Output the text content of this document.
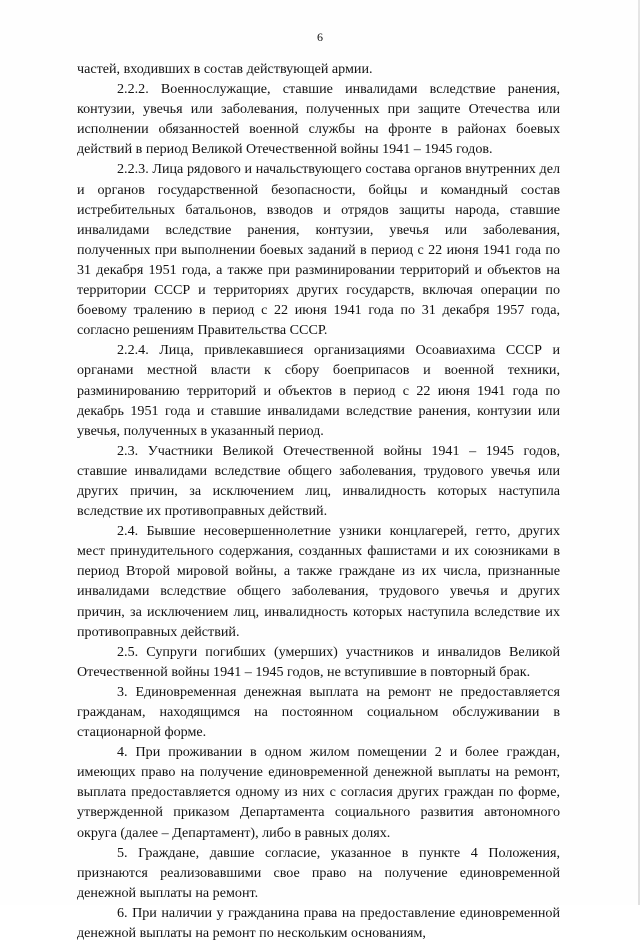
6

частей, входивших в состав действующей армии.

2.2.2. Военнослужащие, ставшие инвалидами вследствие ранения, контузии, увечья или заболевания, полученных при защите Отечества или исполнении обязанностей военной службы на фронте в районах боевых действий в период Великой Отечественной войны 1941 – 1945 годов.

2.2.3. Лица рядового и начальствующего состава органов внутренних дел и органов государственной безопасности, бойцы и командный состав истребительных батальонов, взводов и отрядов защиты народа, ставшие инвалидами вследствие ранения, контузии, увечья или заболевания, полученных при выполнении боевых заданий в период с 22 июня 1941 года по 31 декабря 1951 года, а также при разминировании территорий и объектов на территории СССР и территориях других государств, включая операции по боевому тралению в период с 22 июня 1941 года по 31 декабря 1957 года, согласно решениям Правительства СССР.

2.2.4. Лица, привлекавшиеся организациями Осоавиахима СССР и органами местной власти к сбору боеприпасов и военной техники, разминированию территорий и объектов в период с 22 июня 1941 года по декабрь 1951 года и ставшие инвалидами вследствие ранения, контузии или увечья, полученных в указанный период.

2.3. Участники Великой Отечественной войны 1941 – 1945 годов, ставшие инвалидами вследствие общего заболевания, трудового увечья или других причин, за исключением лиц, инвалидность которых наступила вследствие их противоправных действий.

2.4. Бывшие несовершеннолетние узники концлагерей, гетто, других мест принудительного содержания, созданных фашистами и их союзниками в период Второй мировой войны, а также граждане из их числа, признанные инвалидами вследствие общего заболевания, трудового увечья и других причин, за исключением лиц, инвалидность которых наступила вследствие их противоправных действий.

2.5. Супруги погибших (умерших) участников и инвалидов Великой Отечественной войны 1941 – 1945 годов, не вступившие в повторный брак.

3. Единовременная денежная выплата на ремонт не предоставляется гражданам, находящимся на постоянном социальном обслуживании в стационарной форме.

4. При проживании в одном жилом помещении 2 и более граждан, имеющих право на получение единовременной денежной выплаты на ремонт, выплата предоставляется одному из них с согласия других граждан по форме, утвержденной приказом Департамента социального развития автономного округа (далее – Департамент), либо в равных долях.

5. Граждане, давшие согласие, указанное в пункте 4 Положения, признаются реализовавшими свое право на получение единовременной денежной выплаты на ремонт.

6. При наличии у гражданина права на предоставление единовременной денежной выплаты на ремонт по нескольким основаниям,
